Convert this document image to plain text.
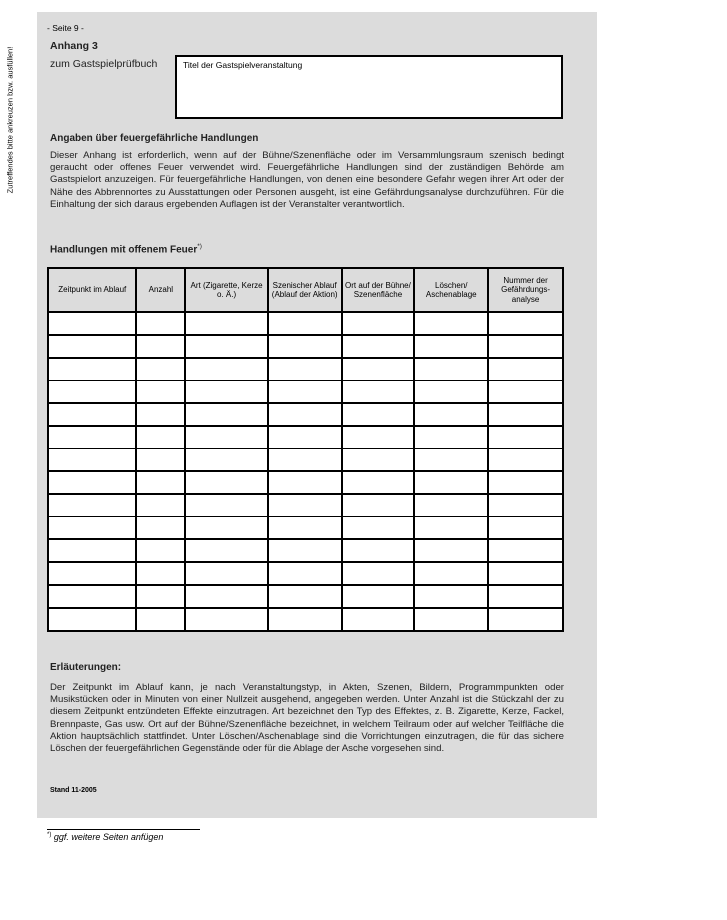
Zutreffendes bitte ankreuzen bzw. ausfüllen!
- Seite 9 -
Anhang 3
zum Gastspielprüfbuch	Titel der Gastspielveranstaltung
Angaben über feuergefährliche Handlungen
Dieser Anhang ist erforderlich, wenn auf der Bühne/Szenenfläche oder im Versammlungsraum szenisch bedingt geraucht oder offenes Feuer verwendet wird. Feuergefährliche Handlungen sind der zuständigen Behörde am Gastspielort anzuzeigen. Für feuergefährliche Handlungen, von denen eine besondere Gefahr wegen ihrer Art oder der Nähe des Abbrennortes zu Ausstattungen oder Personen ausgeht, ist eine Gefährdungsanalyse durchzuführen. Für die Einhaltung der sich daraus ergebenden Auflagen ist der Veranstalter verantwortlich.
Handlungen mit offenem Feuer*)
Zeitpunkt im Ablauf	Anzahl	Art (Zigarette, Kerze o. Ä.)	Szenischer Ablauf (Ablauf der Aktion)	Ort auf der Bühne/ Szenenfläche	Löschen/ Aschenablage	Nummer der Gefährdungs-analyse

Erläuterungen:
Der Zeitpunkt im Ablauf kann, je nach Veranstaltungstyp, in Akten, Szenen, Bildern, Programmpunkten oder Musikstücken oder in Minuten von einer Nullzeit ausgehend, angegeben werden. Unter Anzahl ist die Stückzahl der zu diesem Zeitpunkt entzündeten Effekte einzutragen. Art bezeichnet den Typ des Effektes, z. B. Zigarette, Kerze, Fackel, Brennpaste, Gas usw. Ort auf der Bühne/Szenenfläche bezeichnet, in welchem Teilraum oder auf welcher Teilfläche die Aktion hauptsächlich stattfindet. Unter Löschen/Aschenablage sind die Vorrichtungen einzutragen, die für das sichere Löschen der feuergefährlichen Gegenstände oder für die Ablage der Asche vorgesehen sind.
Stand 11-2005
*) ggf. weitere Seiten anfügen
